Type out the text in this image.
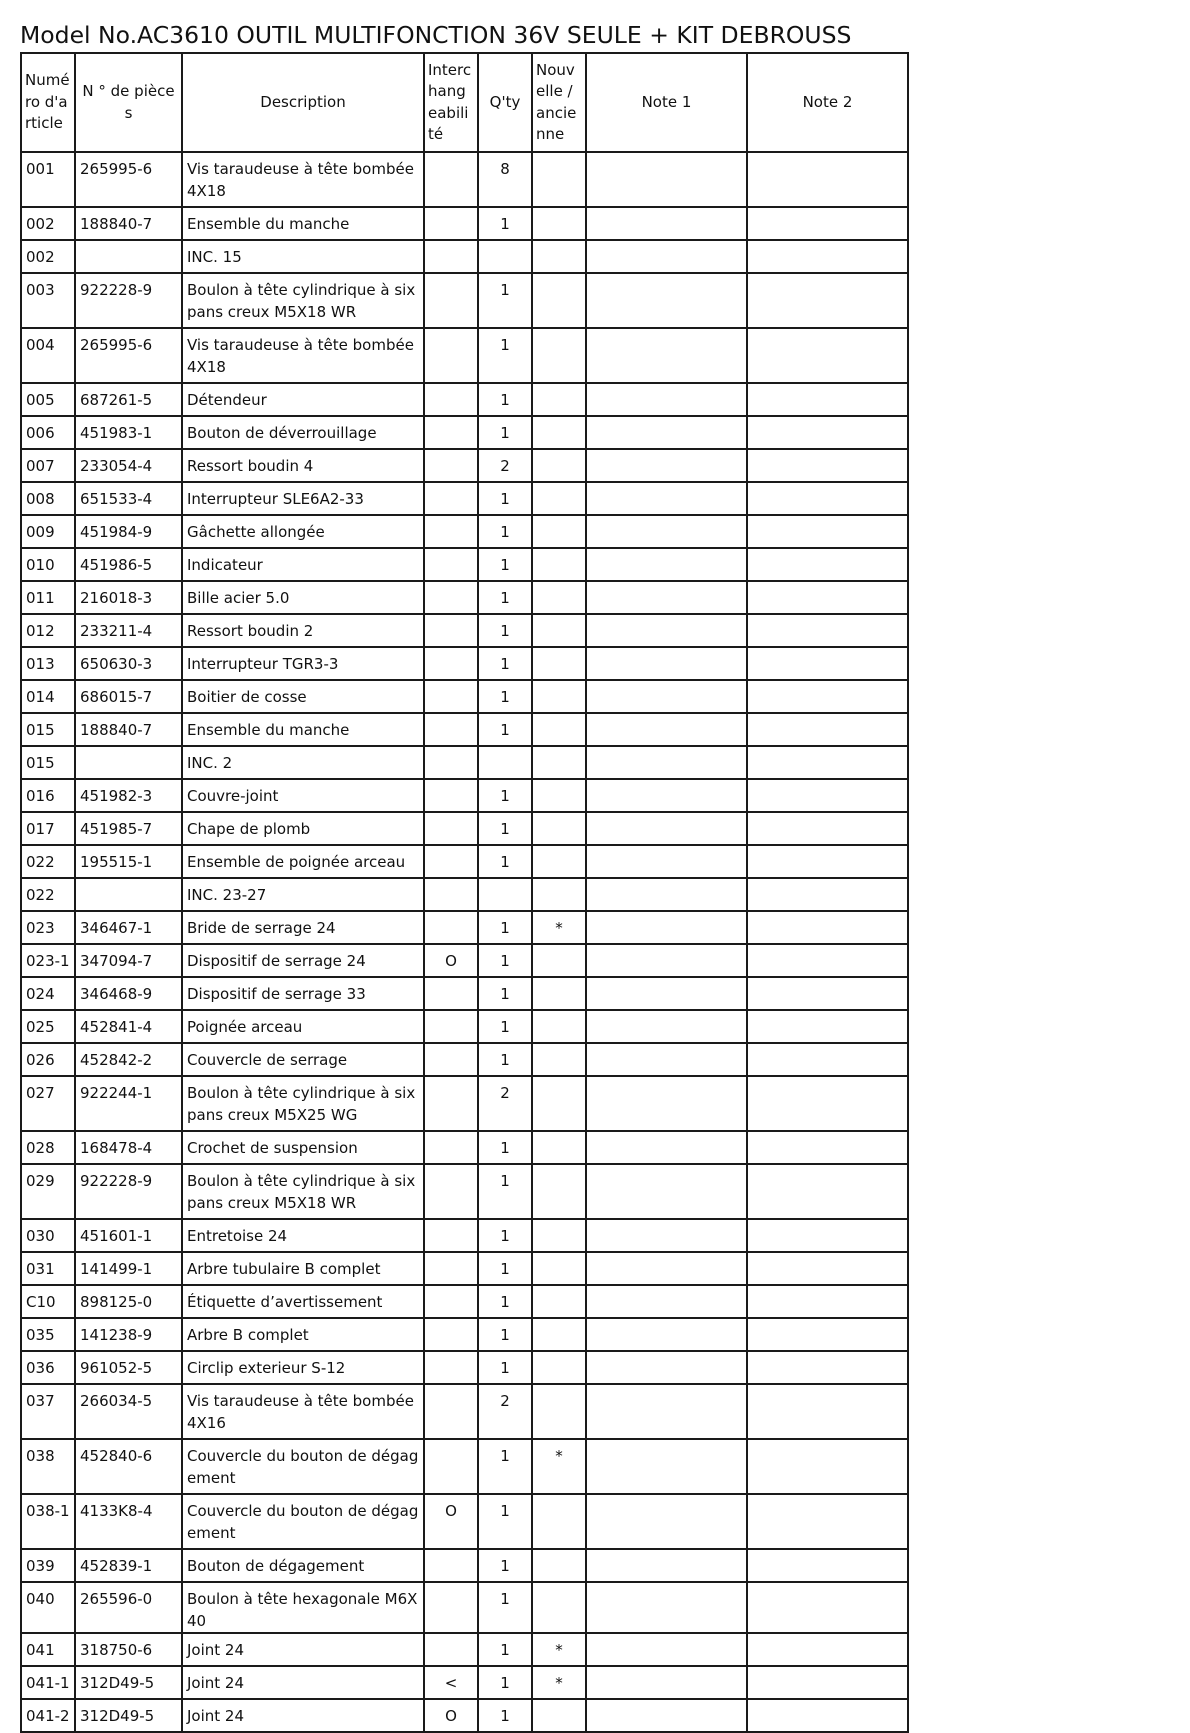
Model No.AC3610 OUTIL MULTIFONCTION 36V SEULE + KIT DEBROUSS
Numéro d'article	N ° de pièces	Description	Interchangeabilité	Q'ty	Nouvelle / ancienne	Note 1	Note 2
001	265995-6	Vis taraudeuse à tête bombée 4X18		8			
002	188840-7	Ensemble du manche		1			
002		INC. 15					
003	922228-9	Boulon à tête cylindrique à six pans creux M5X18 WR		1			
004	265995-6	Vis taraudeuse à tête bombée 4X18		1			
005	687261-5	Détendeur		1			
006	451983-1	Bouton de déverrouillage		1			
007	233054-4	Ressort boudin 4		2			
008	651533-4	Interrupteur SLE6A2-33		1			
009	451984-9	Gâchette allongée		1			
010	451986-5	Indicateur		1			
011	216018-3	Bille acier 5.0		1			
012	233211-4	Ressort boudin 2		1			
013	650630-3	Interrupteur TGR3-3		1			
014	686015-7	Boitier de cosse		1			
015	188840-7	Ensemble du manche		1			
015		INC. 2					
016	451982-3	Couvre-joint		1			
017	451985-7	Chape de plomb		1			
022	195515-1	Ensemble de poignée arceau		1			
022		INC. 23-27					
023	346467-1	Bride de serrage 24		1	*		
023-1	347094-7	Dispositif de serrage 24	O	1			
024	346468-9	Dispositif de serrage 33		1			
025	452841-4	Poignée arceau		1			
026	452842-2	Couvercle de serrage		1			
027	922244-1	Boulon à tête cylindrique à six pans creux M5X25 WG		2			
028	168478-4	Crochet de suspension		1			
029	922228-9	Boulon à tête cylindrique à six pans creux M5X18 WR		1			
030	451601-1	Entretoise 24		1			
031	141499-1	Arbre tubulaire B complet		1			
C10	898125-0	Étiquette d’avertissement		1			
035	141238-9	Arbre B complet		1			
036	961052-5	Circlip exterieur S-12		1			
037	266034-5	Vis taraudeuse à tête bombée 4X16		2			
038	452840-6	Couvercle du bouton de dégagement		1	*		
038-1	4133K8-4	Couvercle du bouton de dégagement	O	1			
039	452839-1	Bouton de dégagement		1			
040	265596-0	Boulon à tête hexagonale M6X40		1			
041	318750-6	Joint 24		1	*		
041-1	312D49-5	Joint 24	<	1	*		
041-2	312D49-5	Joint 24	O	1			
